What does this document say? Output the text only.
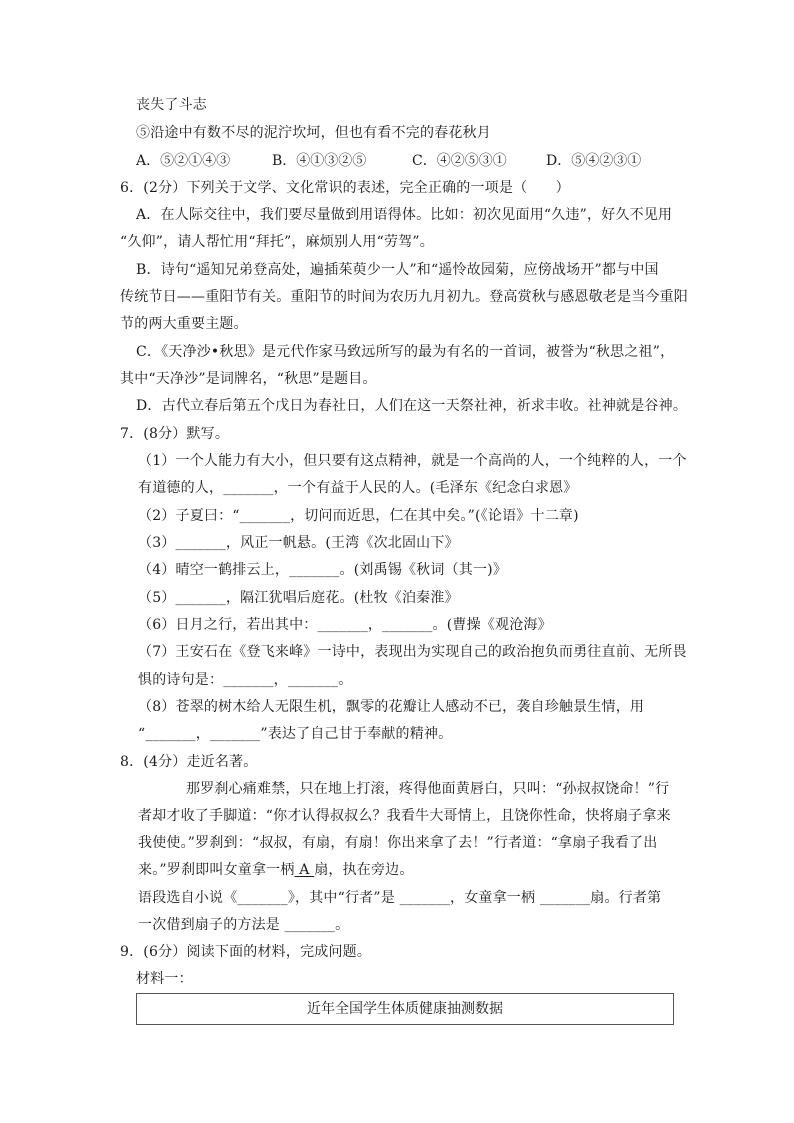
丧失了斗志
⑤沿途中有数不尽的泥泞坎坷，但也有看不完的春花秋月
A．⑤②①④③	B．④①③②⑤	C．④②⑤③①	D．⑤④②③①
6．(2分）下列关于文学、文化常识的表述，完全正确的一项是（　　）
A．在人际交往中，我们要尽量做到用语得体。比如：初次见面用“久违”，好久不见用
“久仰”，请人帮忙用“拜托”，麻烦别人用“劳驾”。
B．诗句“遥知兄弟登高处，遍插茱萸少一人”和“遥怜故园菊，应傍战场开”都与中国
传统节日——重阳节有关。重阳节的时间为农历九月初九。登高赏秋与感恩敬老是当今重阳
节的两大重要主题。
C．《天净沙•秋思》是元代作家马致远所写的最为有名的一首词，被誉为“秋思之祖”，
其中“天净沙”是词牌名，“秋思”是题目。
D．古代立春后第五个戊日为春社日，人们在这一天祭社神，祈求丰收。社神就是谷神。
7．(8分）默写。
（1）一个人能力有大小，但只要有这点精神，就是一个高尚的人，一个纯粹的人，一个
有道德的人，_______，一个有益于人民的人。(毛泽东《纪念白求恩》
（2）子夏曰：“_______，切问而近思，仁在其中矣。”(《论语》十二章)
（3）_______，风正一帆悬。(王湾《次北固山下》
（4）晴空一鹤排云上，_______。(刘禹锡《秋词（其一)》
（5）_______，隔江犹唱后庭花。(杜牧《泊秦淮》
（6）日月之行，若出其中：_______，_______。(曹操《观沧海》
（7）王安石在《登飞来峰》一诗中，表现出为实现自己的政治抱负而勇往直前、无所畏
惧的诗句是：_______，_______。
（8）苍翠的树木给人无限生机，飘零的花瓣让人感动不已，袭自珍触景生情，用
“_______，_______”表达了自己甘于奉献的精神。
8．(4分）走近名著。
那罗刹心痛难禁，只在地上打滚，疼得他面黄唇白，只叫：“孙叔叔饶命！”行
者却才收了手脚道：“你才认得叔叔么？我看牛大哥情上，且饶你性命，快将扇子拿来
我使使。”罗刹到：“叔叔，有扇，有扇！你出来拿了去！”行者道：“拿扇子我看了出
来。”罗刹即叫女童拿一柄 A 扇，执在旁边。
语段选自小说《_______》，其中“行者”是 _______，女童拿一柄 _______扇。行者第
一次借到扇子的方法是 _______。
9．(6分）阅读下面的材料，完成问题。
材料一：
近年全国学生体质健康抽测数据
